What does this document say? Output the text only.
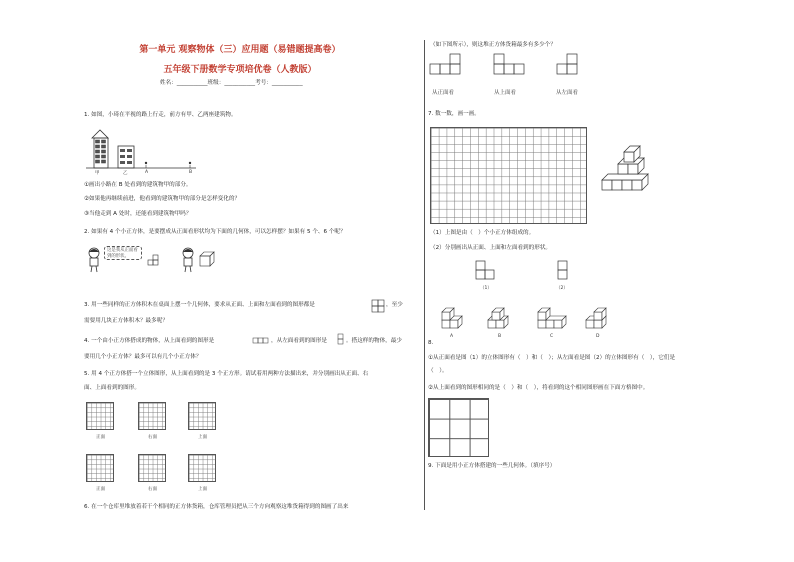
第一单元 观察物体（三）应用题（易错题提高卷）
五年级下册数学专项培优卷（人教版）
姓名：___________班级：___________考号：___________
1. 如图，小琦在平视的路上行走，前方有甲、乙两座建筑物。
甲	乙	A	B
①画出小路在 B 处看到的建筑物甲的部分。
②如果他再继续前进，他看到的建筑物甲的部分是怎样变化的？
③当他走到 A 处时，还能看到建筑物甲吗？
2. 如果有 4 个小正方体，是要摆成从正面看形状均为下面的几何体，可以怎样摆？如果有 5 个、6 个呢？
这是我从正面看到的形状。
3. 用一些同样的正方体积木在桌面上摆一个几何体，要求从正面、上面和左面看到的图形都是	，至少
需要用几块正方体积木？最多呢？
4. 一个由小正方体搭成的物体，从上面看到的图形是	，从左面看到的图形是	。搭这样的物体，最少
要用几个小正方体？最多可以有几个小正方体？
5. 用 4 个正方体搭一个立体图形，从上面看到的是 3 个正方形。请试着用两种方法描出来，并分别画出从正面、右
面、上面看到的图形。
正面	右面	上面
正面	右面	上面
6. 在一个仓库里堆放着若干个相同的正方体货箱，仓库管理员把从三个方向观察这堆货箱得到的图画了出来
（如下图所示），则这堆正方体货箱最多有多少个？
从正面看	从上面看	从左面看
7. 数一数，画一画。
（1）上图是由（　）个小正方体组成的。
（2）分别画出从正面、上面和左面看到的形状。
（1）	（2）
A	B	C	D
8.
①从正面看是图（1）的立体图形有（　）和（　）；从左面看是图（2）的立体图形有（　），它们是
（　）。
②从上面看到的图形相同的是（　）和（　），将看到的这个相同图形画在下面方格图中。
9. 下面是用小正方体搭建的一些几何体。（填序号）
